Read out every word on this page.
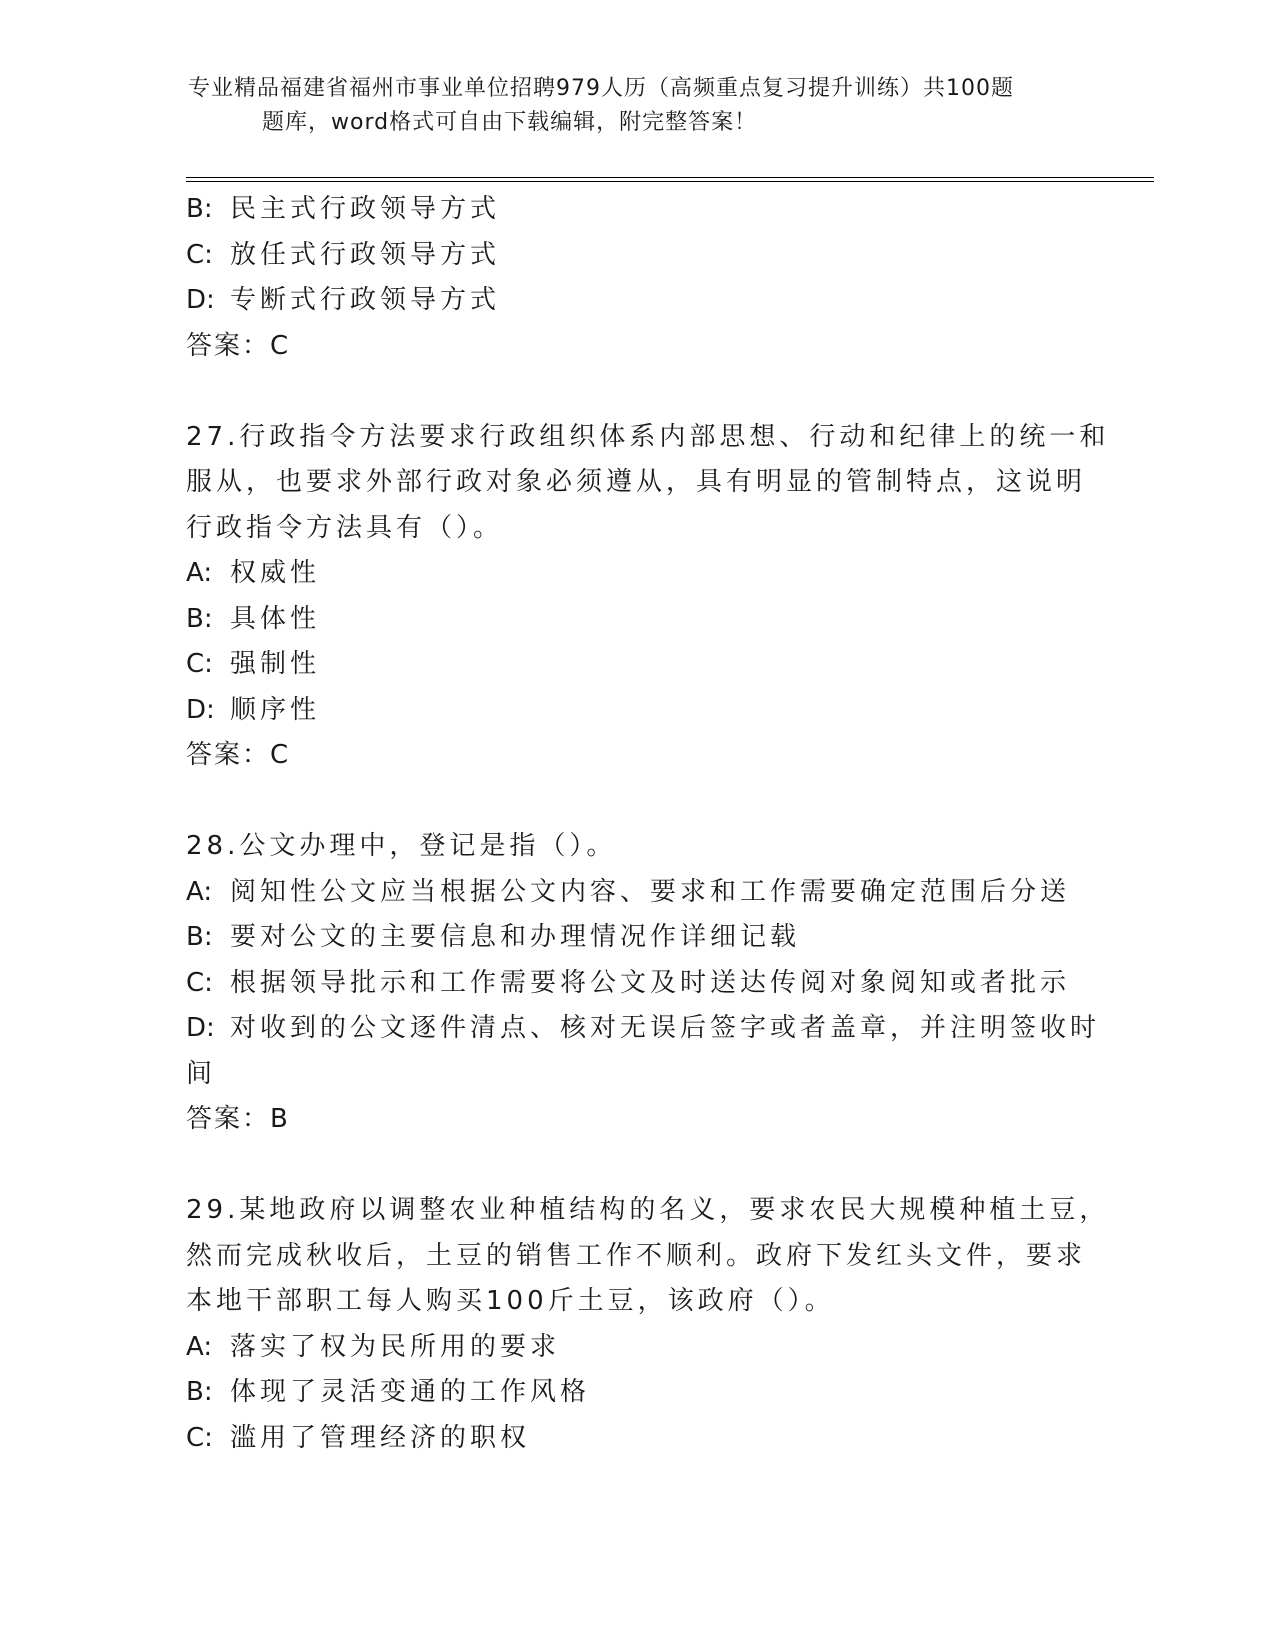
专业精品福建省福州市事业单位招聘979人历（高频重点复习提升训练）共100题
题库，word格式可自由下载编辑，附完整答案！
B: 民主式行政领导方式
C: 放任式行政领导方式
D: 专断式行政领导方式
答案：C
27.行政指令方法要求行政组织体系内部思想、行动和纪律上的统一和
服从，也要求外部行政对象必须遵从，具有明显的管制特点，这说明
行政指令方法具有（）。
A: 权威性
B: 具体性
C: 强制性
D: 顺序性
答案：C
28.公文办理中，登记是指（）。
A: 阅知性公文应当根据公文内容、要求和工作需要确定范围后分送
B: 要对公文的主要信息和办理情况作详细记载
C: 根据领导批示和工作需要将公文及时送达传阅对象阅知或者批示
D: 对收到的公文逐件清点、核对无误后签字或者盖章，并注明签收时
间
答案：B
29.某地政府以调整农业种植结构的名义，要求农民大规模种植土豆，
然而完成秋收后，土豆的销售工作不顺利。政府下发红头文件，要求
本地干部职工每人购买100斤土豆，该政府（）。
A: 落实了权为民所用的要求
B: 体现了灵活变通的工作风格
C: 滥用了管理经济的职权
